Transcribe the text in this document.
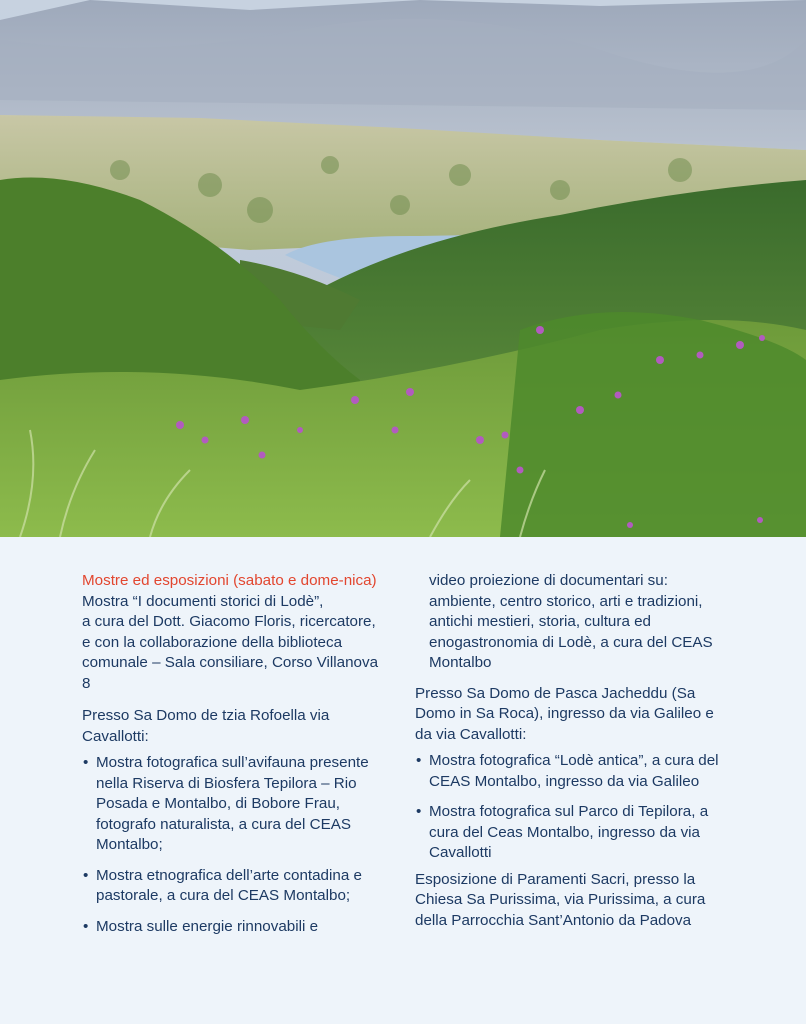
Mostre ed esposizioni (sabato e dome-nica)

Mostra “I documenti storici di Lodè”,
a cura del Dott. Giacomo Floris, ricercatore, e con la collaborazione della biblioteca comunale – Sala consiliare, Corso Villanova 8

Presso Sa Domo de tzia Rofoella via Cavallotti:

• Mostra fotografica sull’avifauna presente nella Riserva di Biosfera Tepilora – Rio Posada e Montalbo, di Bobore Frau, fotografo naturalista, a cura del CEAS Montalbo;
• Mostra etnografica dell’arte contadina e pastorale, a cura del CEAS Montalbo;
• Mostra sulle energie rinnovabili e

video proiezione di documentari su: ambiente, centro storico, arti e tradizioni, antichi mestieri, storia, cultura ed enogastronomia di Lodè, a cura del CEAS Montalbo

Presso Sa Domo de Pasca Jacheddu (Sa Domo in Sa Roca), ingresso da via Galileo e da via Cavallotti:

• Mostra fotografica “Lodè antica”, a cura del CEAS Montalbo, ingresso da via Galileo
• Mostra fotografica sul Parco di Tepilora, a cura del Ceas Montalbo, ingresso da via Cavallotti

Esposizione di Paramenti Sacri, presso la Chiesa Sa Purissima, via Purissima, a cura della Parrocchia Sant’Antonio da Padova
